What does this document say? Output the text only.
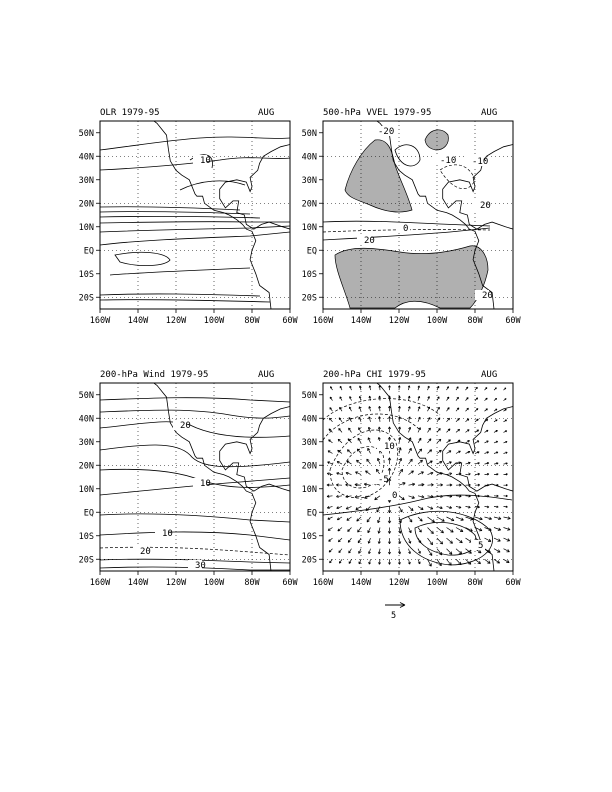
OLR 1979-95	AUG
50N
40N
30N
20N
10N
EQ
10S
20S
160W 140W 120W 100W 80W	60W
10
500-hPa VVEL 1979-95	AUG
50N
40N
30N
20N
10N
EQ
10S
20S
160W 140W 120W 100W 80W	60W
-20
20
0
20
-10
-10
20
200-hPa Wind 1979-95	AUG
50N
40N
30N
20N
10N
EQ
10S
20S
160W 140W 120W 100W 80W	60W
20
10
10
20
30
200-hPa CHI 1979-95	AUG
50N
40N
30N
20N
10N
EQ
10S
20S
160W 140W 120W 100W 80W	60W
10
-5
0
5
5
